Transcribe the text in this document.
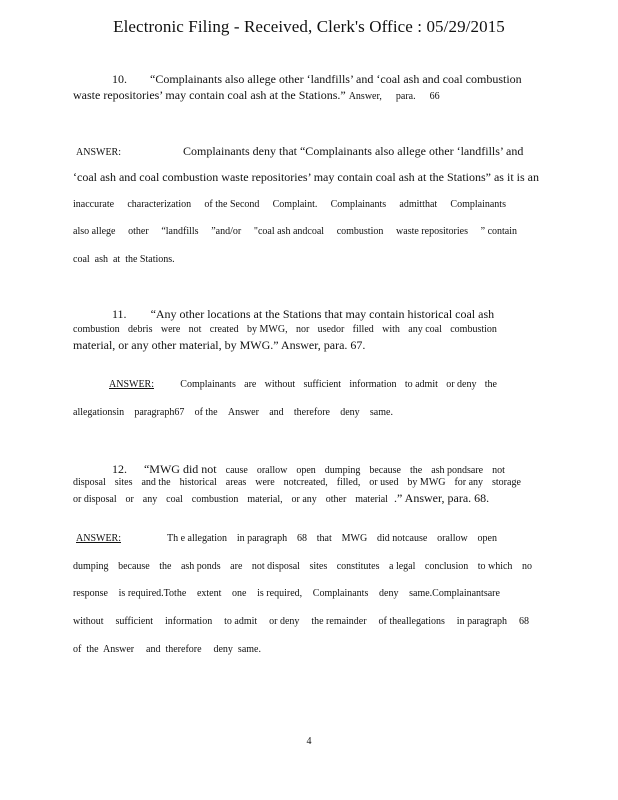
Electronic Filing - Received, Clerk's Office : 05/29/2015
10. “Complainants also allege other ‘landfills’ and ‘coal ash and coal combustion
waste repositories’ may contain coal ash at the Stations.” Answer, para. 66
ANSWER:	Complainants deny that “Complainants also allege other ‘landfills’ and
‘coal ash and coal combustion waste repositories’ may contain coal ash at the Stations” as it is an
inaccurate characterization of the Second Complaint. Complainants admitthat Complainants
also allege other “landfills ”and/or "coal ash andcoal combustion waste repositories ” contain
coal  ash  at  the Stations.
11. “Any other locations at the Stations that may contain historical coal ash
combustion debris were not created by MWG, nor usedor filled with any coal combustion
material, or any other material, by MWG.” Answer, para. 67.
ANSWER:	Complainants are without sufficient information to admit or deny the
allegationsin paragraph67 of the Answer and therefore deny same.
12.	“MWG did not cause orallow open dumping because the ash pondsare not
disposal sites and the historical areas were notcreated, filled, or used by MWG for any storage
or disposal or any coal combustion material, or any other material .” Answer, para. 68.
ANSWER:	Th e allegation in paragraph 68 that MWG did notcause orallow open
dumping because the ash ponds are not disposal sites constitutes a legal conclusion to which no
response is required.Tothe extent one is required, Complainants deny same.Complainantsare
without sufficient information to admit or deny the remainder of theallegations in paragraph 68
of  the  Answer and  therefore deny  same.
4
